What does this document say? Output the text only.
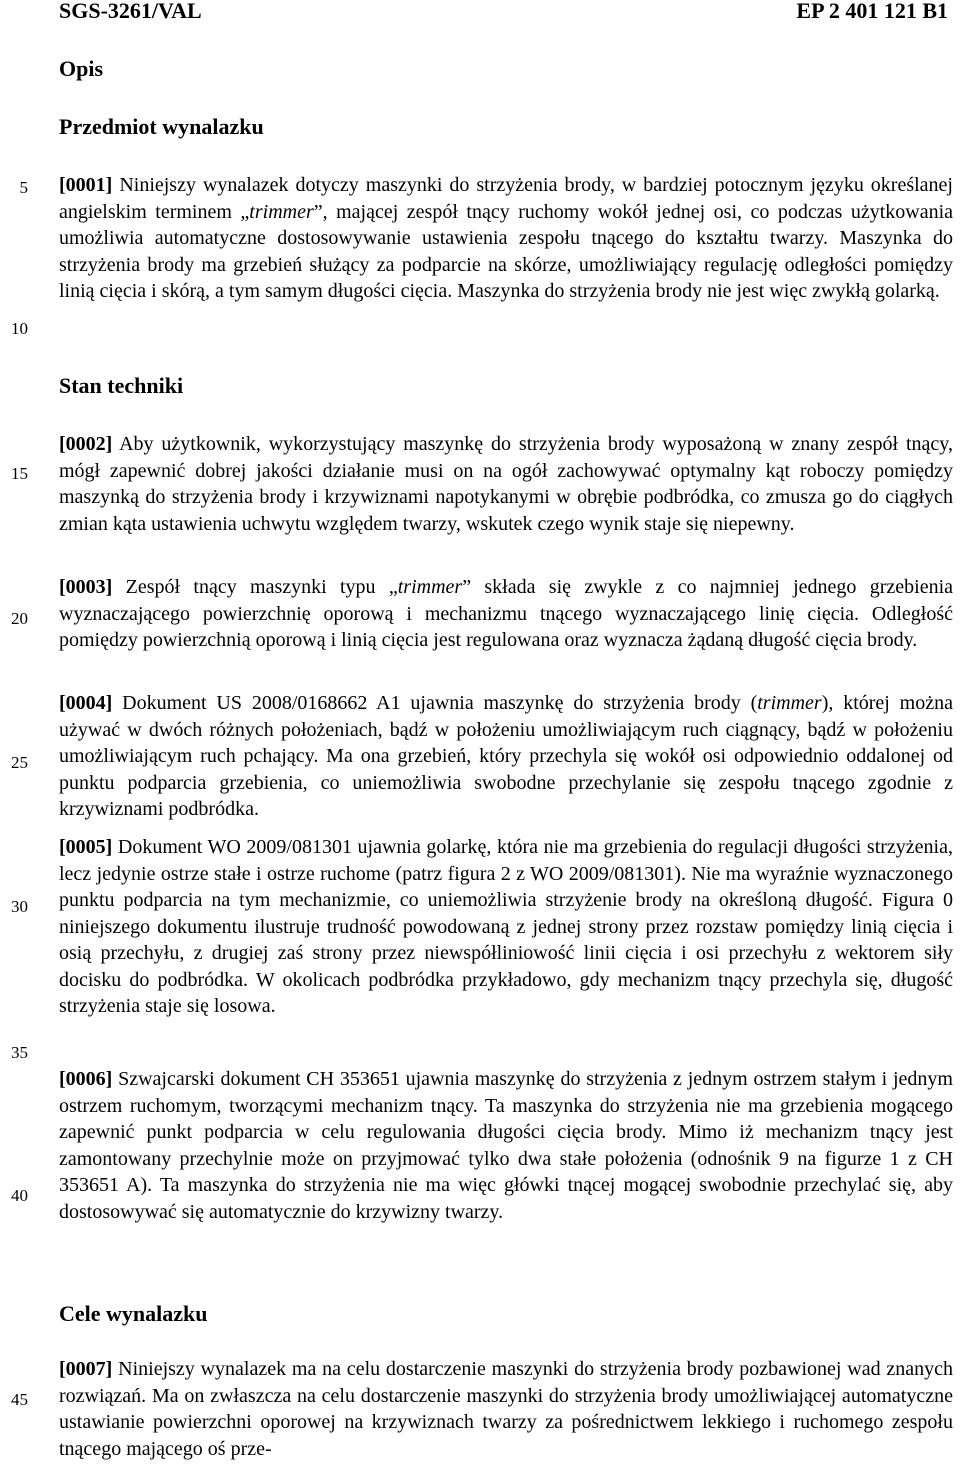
SGS-3261/VAL	EP 2 401 121 B1
Opis
Przedmiot wynalazku
[0001] Niniejszy wynalazek dotyczy maszynki do strzyżenia brody, w bardziej potocznym języku określanej angielskim terminem „trimmer”, mającej zespół tnący ruchomy wokół jednej osi, co podczas użytkowania umożliwia automatyczne dostosowywanie ustawienia zespołu tnącego do kształtu twarzy. Maszynka do strzyżenia brody ma grzebień służący za podparcie na skórze, umożliwiający regulację odległości pomiędzy linią cięcia i skórą, a tym samym długości cięcia. Maszynka do strzyżenia brody nie jest więc zwykłą golarką.
Stan techniki
[0002] Aby użytkownik, wykorzystujący maszynkę do strzyżenia brody wyposażoną w znany zespół tnący, mógł zapewnić dobrej jakości działanie musi on na ogół zachowywać optymalny kąt roboczy pomiędzy maszynką do strzyżenia brody i krzywiznami napotykanymi w obrębie podbródka, co zmusza go do ciągłych zmian kąta ustawienia uchwytu względem twarzy, wskutek czego wynik staje się niepewny.
[0003] Zespół tnący maszynki typu „trimmer” składa się zwykle z co najmniej jednego grzebienia wyznaczającego powierzchnię oporową i mechanizmu tnącego wyznaczającego linię cięcia. Odległość pomiędzy powierzchnią oporową i linią cięcia jest regulowana oraz wyznacza żądaną długość cięcia brody.
[0004] Dokument US 2008/0168662 A1 ujawnia maszynkę do strzyżenia brody (trimmer), której można używać w dwóch różnych położeniach, bądź w położeniu umożliwiającym ruch ciągnący, bądź w położeniu umożliwiającym ruch pchający. Ma ona grzebień, który przechyla się wokół osi odpowiednio oddalonej od punktu podparcia grzebienia, co uniemożliwia swobodne przechylanie się zespołu tnącego zgodnie z krzywiznami podbródka.
[0005] Dokument WO 2009/081301 ujawnia golarkę, która nie ma grzebienia do regulacji długości strzyżenia, lecz jedynie ostrze stałe i ostrze ruchome (patrz figura 2 z WO 2009/081301). Nie ma wyraźnie wyznaczonego punktu podparcia na tym mechanizmie, co uniemożliwia strzyżenie brody na określoną długość. Figura 0 niniejszego dokumentu ilustruje trudność powodowaną z jednej strony przez rozstaw pomiędzy linią cięcia i osią przechyłu, z drugiej zaś strony przez niewspółliniowość linii cięcia i osi przechyłu z wektorem siły docisku do podbródka. W okolicach podbródka przykładowo, gdy mechanizm tnący przechyla się, długość strzyżenia staje się losowa.
[0006] Szwajcarski dokument CH 353651 ujawnia maszynkę do strzyżenia z jednym ostrzem stałym i jednym ostrzem ruchomym, tworzącymi mechanizm tnący. Ta maszynka do strzyżenia nie ma grzebienia mogącego zapewnić punkt podparcia w celu regulowania długości cięcia brody. Mimo iż mechanizm tnący jest zamontowany przechylnie może on przyjmować tylko dwa stałe położenia (odnośnik 9 na figurze 1 z CH 353651 A). Ta maszynka do strzyżenia nie ma więc główki tnącej mogącej swobodnie przechylać się, aby dostosowywać się automatycznie do krzywizny twarzy.
Cele wynalazku
[0007] Niniejszy wynalazek ma na celu dostarczenie maszynki do strzyżenia brody pozbawionej wad znanych rozwiązań. Ma on zwłaszcza na celu dostarczenie maszynki do strzyżenia brody umożliwiającej automatyczne ustawianie powierzchni oporowej na krzywiznach twarzy za pośrednictwem lekkiego i ruchomego zespołu tnącego mającego oś prze-
5
10
15
20
25
30
35
40
45
